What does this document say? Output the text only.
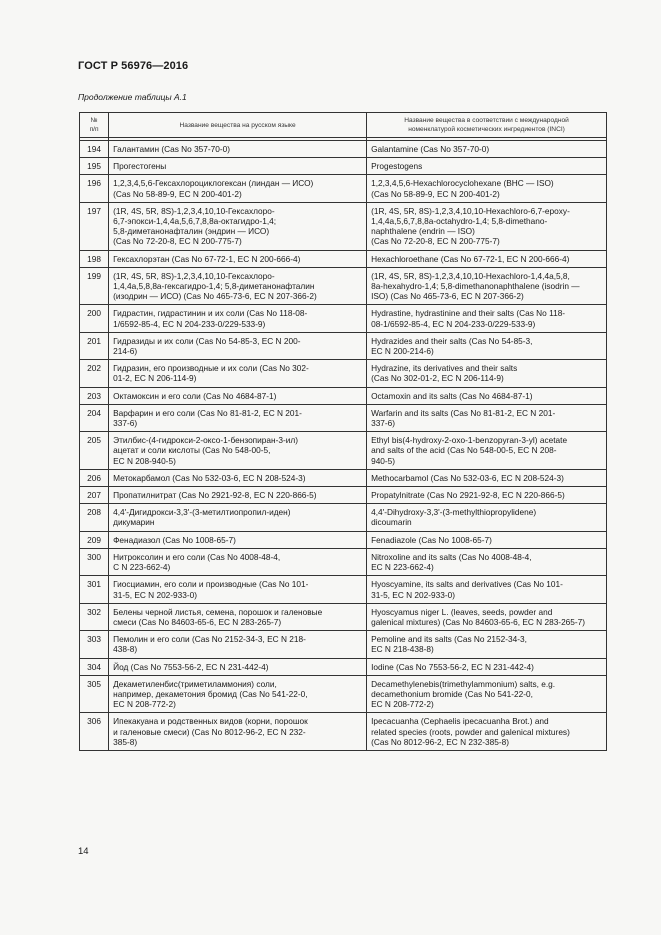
ГОСТ Р 56976—2016
Продолжение таблицы А.1
№
п/п	Название вещества на русском языке	Название вещества в соответствии с международной
номенклатурой косметических ингредиентов (INCI)

194	Галантамин (Cas No 357-70-0)	Galantamine (Cas No 357-70-0)
195	Прогестогены	Progestogens
196	1,2,3,4,5,6-Гексахлороциклогексан (линдан — ИСО)
(Cas No 58-89-9, EC N 200-401-2)	1,2,3,4,5,6-Hexachlorocyclohexane (BHC — ISO)
(Cas No 58-89-9, EC N 200-401-2)
197	(1R, 4S, 5R, 8S)-1,2,3,4,10,10-Гексахлоро-
6,7-эпокси-1,4,4a,5,6,7,8,8a-октагидро-1,4;
5,8-диметанонафталин (эндрин — ИСО)
(Cas No 72-20-8, EC N 200-775-7)	(1R, 4S, 5R, 8S)-1,2,3,4,10,10-Hexachloro-6,7-epoxy-
1,4,4a,5,6,7,8,8a-octahydro-1,4; 5,8-dimethano-
naphthalene (endrin — ISO)
(Cas No 72-20-8, EC N 200-775-7)
198	Гексахлорэтан (Cas No 67-72-1, EC N 200-666-4)	Hexachloroethane (Cas No 67-72-1, EC N 200-666-4)
199	(1R, 4S, 5R, 8S)-1,2,3,4,10,10-Гексахлоро-
1,4,4a,5,8,8a-гексагидро-1,4; 5,8-диметанонафталин
(изодрин — ИСО) (Cas No 465-73-6, EC N 207-366-2)	(1R, 4S, 5R, 8S)-1,2,3,4,10,10-Hexachloro-1,4,4a,5,8,
8a-hexahydro-1,4; 5,8-dimethanonaphthalene (isodrin —
ISO) (Cas No 465-73-6, EC N 207-366-2)
200	Гидрастин, гидрастинин и их соли (Cas No 118-08-
1/6592-85-4, EC N 204-233-0/229-533-9)	Hydrastine, hydrastinine and their salts (Cas No 118-
08-1/6592-85-4, EC N 204-233-0/229-533-9)
201	Гидразиды и их соли (Cas No 54-85-3, EC N 200-
214-6)	Hydrazides and their salts (Cas No 54-85-3,
EC N 200-214-6)
202	Гидразин, его производные и их соли (Cas No 302-
01-2, EC N 206-114-9)	Hydrazine, its derivatives and their salts
(Cas No 302-01-2, EC N 206-114-9)
203	Октамоксин и его соли (Cas No 4684-87-1)	Octamoxin and its salts (Cas No 4684-87-1)
204	Варфарин и его соли (Cas No 81-81-2, EC N 201-
337-6)	Warfarin and its salts (Cas No 81-81-2, EC N 201-
337-6)
205	Этилбис-(4-гидрокси-2-оксо-1-бензопиран-3-ил)
ацетат и соли кислоты (Cas No 548-00-5,
EC N 208-940-5)	Ethyl bis(4-hydroxy-2-oxo-1-benzopyran-3-yl) acetate
and salts of the acid (Cas No 548-00-5, EC N 208-
940-5)
206	Метокарбамол (Cas No 532-03-6, EC N 208-524-3)	Methocarbamol (Cas No 532-03-6, EC N 208-524-3)
207	Пропатилнитрат (Cas No 2921-92-8, EC N 220-866-5)	Propatylnitrate (Cas No 2921-92-8, EC N 220-866-5)
208	4,4'-Дигидрокси-3,3'-(3-метилтиопропил-иден)
дикумарин	4,4'-Dihydroxy-3,3'-(3-methylthiopropylidene)
dicoumarin
209	Фенадиазол (Cas No 1008-65-7)	Fenadiazole (Cas No 1008-65-7)
300	Нитроксолин и его соли (Cas No 4008-48-4,
C N 223-662-4)	Nitroxoline and its salts (Cas No 4008-48-4,
EC N 223-662-4)
301	Гиосциамин, его соли и производные (Cas No 101-
31-5, EC N 202-933-0)	Hyoscyamine, its salts and derivatives (Cas No 101-
31-5, EC N 202-933-0)
302	Белены черной листья, семена, порошок и галеновые
смеси (Cas No 84603-65-6, EC N 283-265-7)	Hyoscyamus niger L. (leaves, seeds, powder and
galenical mixtures) (Cas No 84603-65-6, EC N 283-265-7)
303	Пемолин и его соли (Cas No 2152-34-3, EC N 218-
438-8)	Pemoline and its salts (Cas No 2152-34-3,
EC N 218-438-8)
304	Йод (Cas No 7553-56-2, EC N 231-442-4)	Iodine (Cas No 7553-56-2, EC N 231-442-4)
305	Декаметиленбис(триметиламмония) соли,
например, декаметония бромид (Cas No 541-22-0,
EC N 208-772-2)	Decamethylenebis(trimethylammonium) salts, e.g.
decamethonium bromide (Cas No 541-22-0,
EC N 208-772-2)
306	Ипекакуана и родственных видов (корни, порошок
и галеновые смеси) (Cas No 8012-96-2, EC N 232-
385-8)	Ipecacuanha (Cephaelis ipecacuanha Brot.) and
related species (roots, powder and galenical mixtures)
(Cas No 8012-96-2, EC N 232-385-8)
14
